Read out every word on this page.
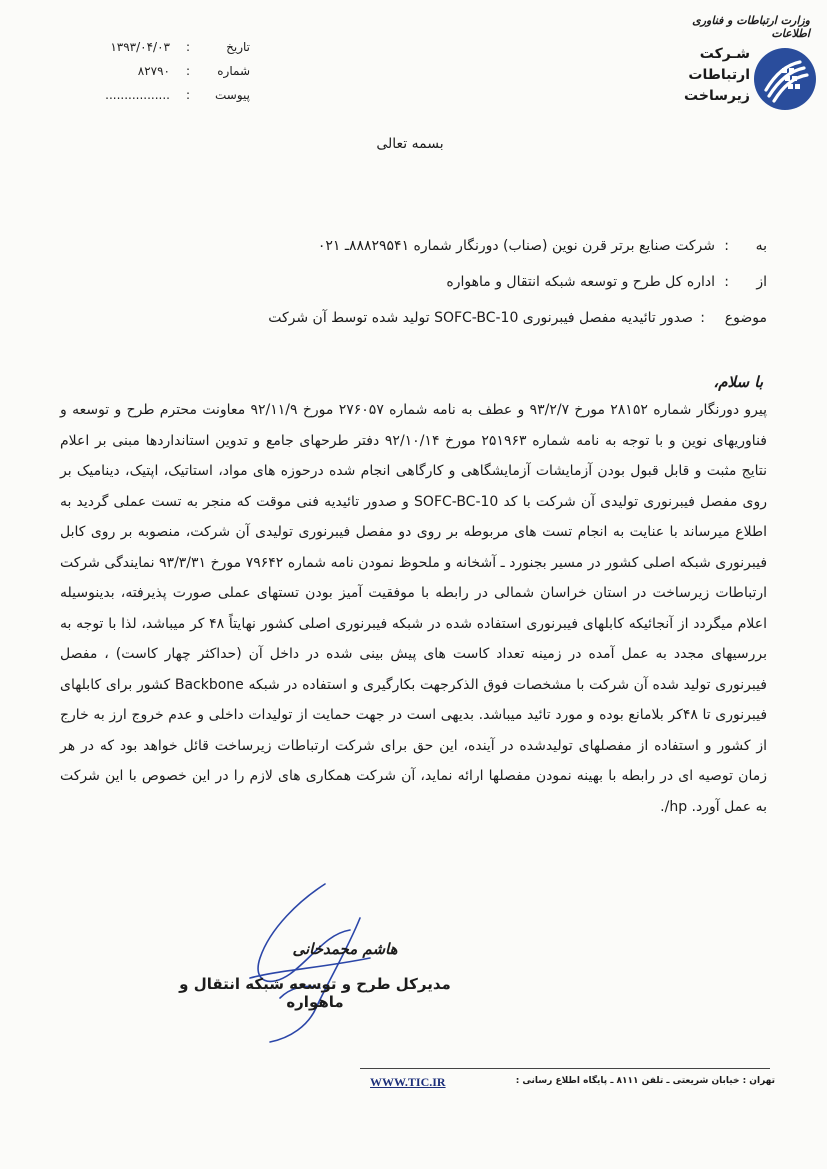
وزارت ارتباطات و فناوری اطلاعات
شـرکت
ارتباطات
زیرساخت
تاریخ
:
۱۳۹۳/۰۴/۰۳
شماره
:
۸۲۷۹۰
پیوست
:
.................
بسمه تعالی
به
:
شرکت صنایع برتر قرن نوین (صناب) دورنگار شماره ۸۸۸۲۹۵۴۱ـ ۰۲۱
از
:
اداره کل طرح و توسعه شبکه انتقال و ماهواره
موضوع
:
صدور تائیدیه مفصل فیبرنوری SOFC-BC-10 تولید شده توسط آن شرکت
با سلام،

پیرو دورنگار شماره ۲۸۱۵۲ مورخ ۹۳/۲/۷ و عطف به نامه شماره ۲۷۶۰۵۷ مورخ ۹۲/۱۱/۹ معاونت محترم طرح و توسعه و فناوریهای نوین و با توجه به نامه شماره ۲۵۱۹۶۳ مورخ ۹۲/۱۰/۱۴ دفتر طرحهای جامع و تدوین استانداردها مبنی بر اعلام نتایج مثبت و قابل قبول بودن آزمایشات آزمایشگاهی و کارگاهی انجام شده درحوزه های مواد، استاتیک، اپتیک، دینامیک بر روی مفصل فیبرنوری تولیدی آن شرکت با کد SOFC-BC-10 و صدور تائیدیه فنی موقت که منجر به تست عملی گردید به اطلاع میرساند با عنایت به انجام تست های مربوطه بر روی دو مفصل فیبرنوری تولیدی آن شرکت، منصوبه بر روی کابل فیبرنوری شبکه اصلی کشور در مسیر بجنورد ـ آشخانه و ملحوظ نمودن نامه شماره ۷۹۶۴۲ مورخ ۹۳/۳/۳۱ نمایندگی شرکت ارتباطات زیرساخت در استان خراسان شمالی در رابطه با موفقیت آمیز بودن تستهای عملی صورت پذیرفته، بدینوسیله اعلام میگردد از آنجائیکه کابلهای فیبرنوری استفاده شده در شبکه فیبرنوری اصلی کشور نهایتاً ۴۸ کر میباشد، لذا با توجه به بررسیهای مجدد به عمل آمده در زمینه تعداد کاست های پیش بینی شده در داخل آن (حداکثر چهار کاست) ، مفصل فیبرنوری تولید شده آن شرکت با مشخصات فوق الذکرجهت بکارگیری و استفاده در شبکه Backbone کشور برای کابلهای فیبرنوری تا ۴۸کر بلامانع بوده و مورد تائید میباشد. بدیهی است در جهت حمایت از تولیدات داخلی و عدم خروج ارز به خارج از کشور و استفاده از مفصلهای تولیدشده در آینده، این حق برای شرکت ارتباطات زیرساخت قائل خواهد بود که در هر زمان توصیه ای در رابطه با بهینه نمودن مفصلها ارائه نماید، آن شرکت همکاری های لازم را در این خصوص با این شرکت به عمل آورد. hp/.

هاشم محمدخانی
مدیرکل طرح و توسعه شبکه انتقال و ماهواره
WWW.TIC.IR	تهران : خیابان شریعتی ـ تلفن ۸۱۱۱ ـ پایگاه اطلاع رسانی :
